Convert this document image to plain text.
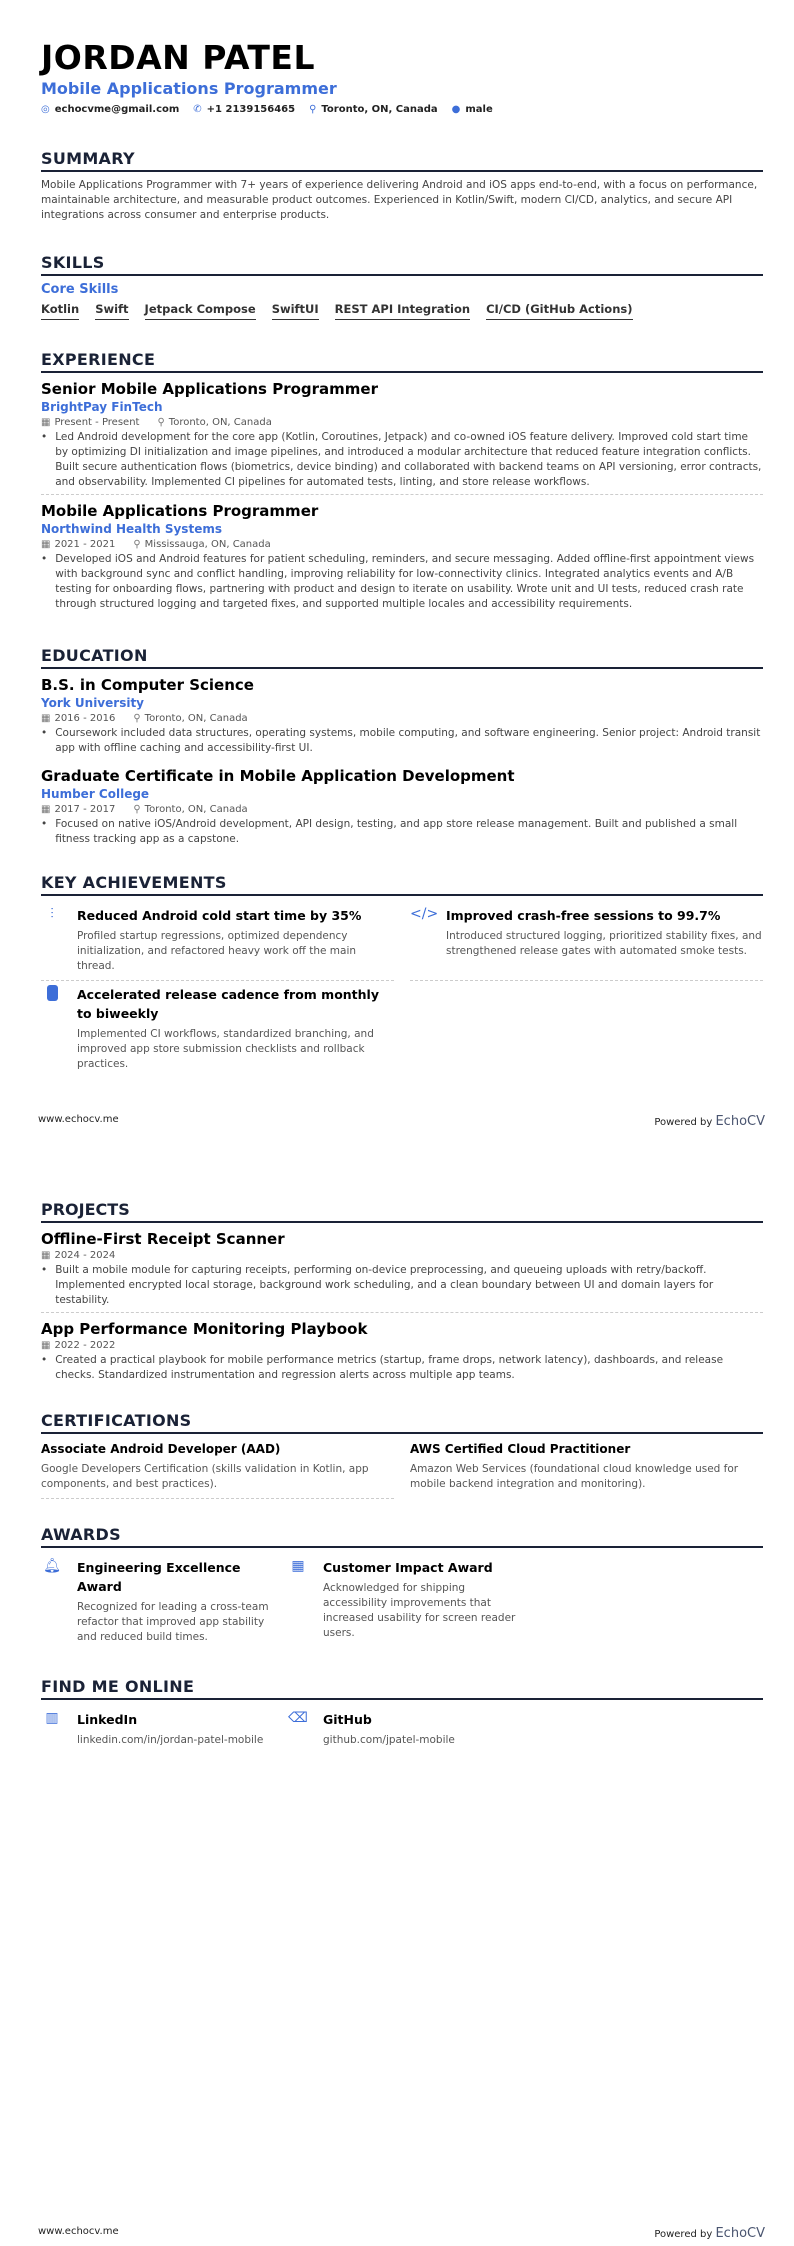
JORDAN PATEL
Mobile Applications Programmer
◎ echocvme@gmail.com ✆ +1 2139156465 ⚲ Toronto, ON, Canada ● male
SUMMARY
Mobile Applications Programmer with 7+ years of experience delivering Android and iOS apps end-to-end, with a focus on performance, maintainable architecture, and measurable product outcomes. Experienced in Kotlin/Swift, modern CI/CD, analytics, and secure API integrations across consumer and enterprise products.
SKILLS
Core Skills
Kotlin Swift Jetpack Compose SwiftUI REST API Integration CI/CD (GitHub Actions)
EXPERIENCE
Senior Mobile Applications Programmer
BrightPay FinTech
▦ Present - Present ⚲ Toronto, ON, Canada
• Led Android development for the core app (Kotlin, Coroutines, Jetpack) and co-owned iOS feature delivery. Improved cold start time by optimizing DI initialization and image pipelines, and introduced a modular architecture that reduced feature integration conflicts. Built secure authentication flows (biometrics, device binding) and collaborated with backend teams on API versioning, error contracts, and observability. Implemented CI pipelines for automated tests, linting, and store release workflows.
Mobile Applications Programmer
Northwind Health Systems
▦ 2021 - 2021 ⚲ Mississauga, ON, Canada
• Developed iOS and Android features for patient scheduling, reminders, and secure messaging. Added offline-first appointment views with background sync and conflict handling, improving reliability for low-connectivity clinics. Integrated analytics events and A/B testing for onboarding flows, partnering with product and design to iterate on usability. Wrote unit and UI tests, reduced crash rate through structured logging and targeted fixes, and supported multiple locales and accessibility requirements.
EDUCATION
B.S. in Computer Science
York University
▦ 2016 - 2016 ⚲ Toronto, ON, Canada
• Coursework included data structures, operating systems, mobile computing, and software engineering. Senior project: Android transit app with offline caching and accessibility-first UI.
Graduate Certificate in Mobile Application Development
Humber College
▦ 2017 - 2017 ⚲ Toronto, ON, Canada
• Focused on native iOS/Android development, API design, testing, and app store release management. Built and published a small fitness tracking app as a capstone.
KEY ACHIEVEMENTS
⫶	Reduced Android cold start time by 35%

Profiled startup regressions, optimized dependency initialization, and refactored heavy work off the main thread.

</> Improved crash-free sessions to 99.7%

Introduced structured logging, prioritized stability fixes, and strengthened release gates with automated smoke tests.

Accelerated release cadence from monthly to biweekly

Implemented CI workflows, standardized branching, and improved app store submission checklists and rollback practices.

www.echocv.me	Powered by EchoCV
PROJECTS
Offline-First Receipt Scanner
▦ 2024 - 2024
• Built a mobile module for capturing receipts, performing on-device preprocessing, and queueing uploads with retry/backoff. Implemented encrypted local storage, background work scheduling, and a clean boundary between UI and domain layers for testability.
App Performance Monitoring Playbook
▦ 2022 - 2022
• Created a practical playbook for mobile performance metrics (startup, frame drops, network latency), dashboards, and release checks. Standardized instrumentation and regression alerts across multiple app teams.
CERTIFICATIONS
Associate Android Developer (AAD)

Google Developers Certification (skills validation in Kotlin, app components, and best practices).

AWS Certified Cloud Practitioner

Amazon Web Services (foundational cloud knowledge used for mobile backend integration and monitoring).

AWARDS
🔔︎ Engineering Excellence Award

Recognized for leading a cross-team refactor that improved app stability and reduced build times.

▦	Customer Impact Award

Acknowledged for shipping accessibility improvements that increased usability for screen reader users.

FIND ME ONLINE
▥	LinkedIn

linkedin.com/in/jordan-patel-mobile

⌫ GitHub

github.com/jpatel-mobile

www.echocv.me	Powered by EchoCV
